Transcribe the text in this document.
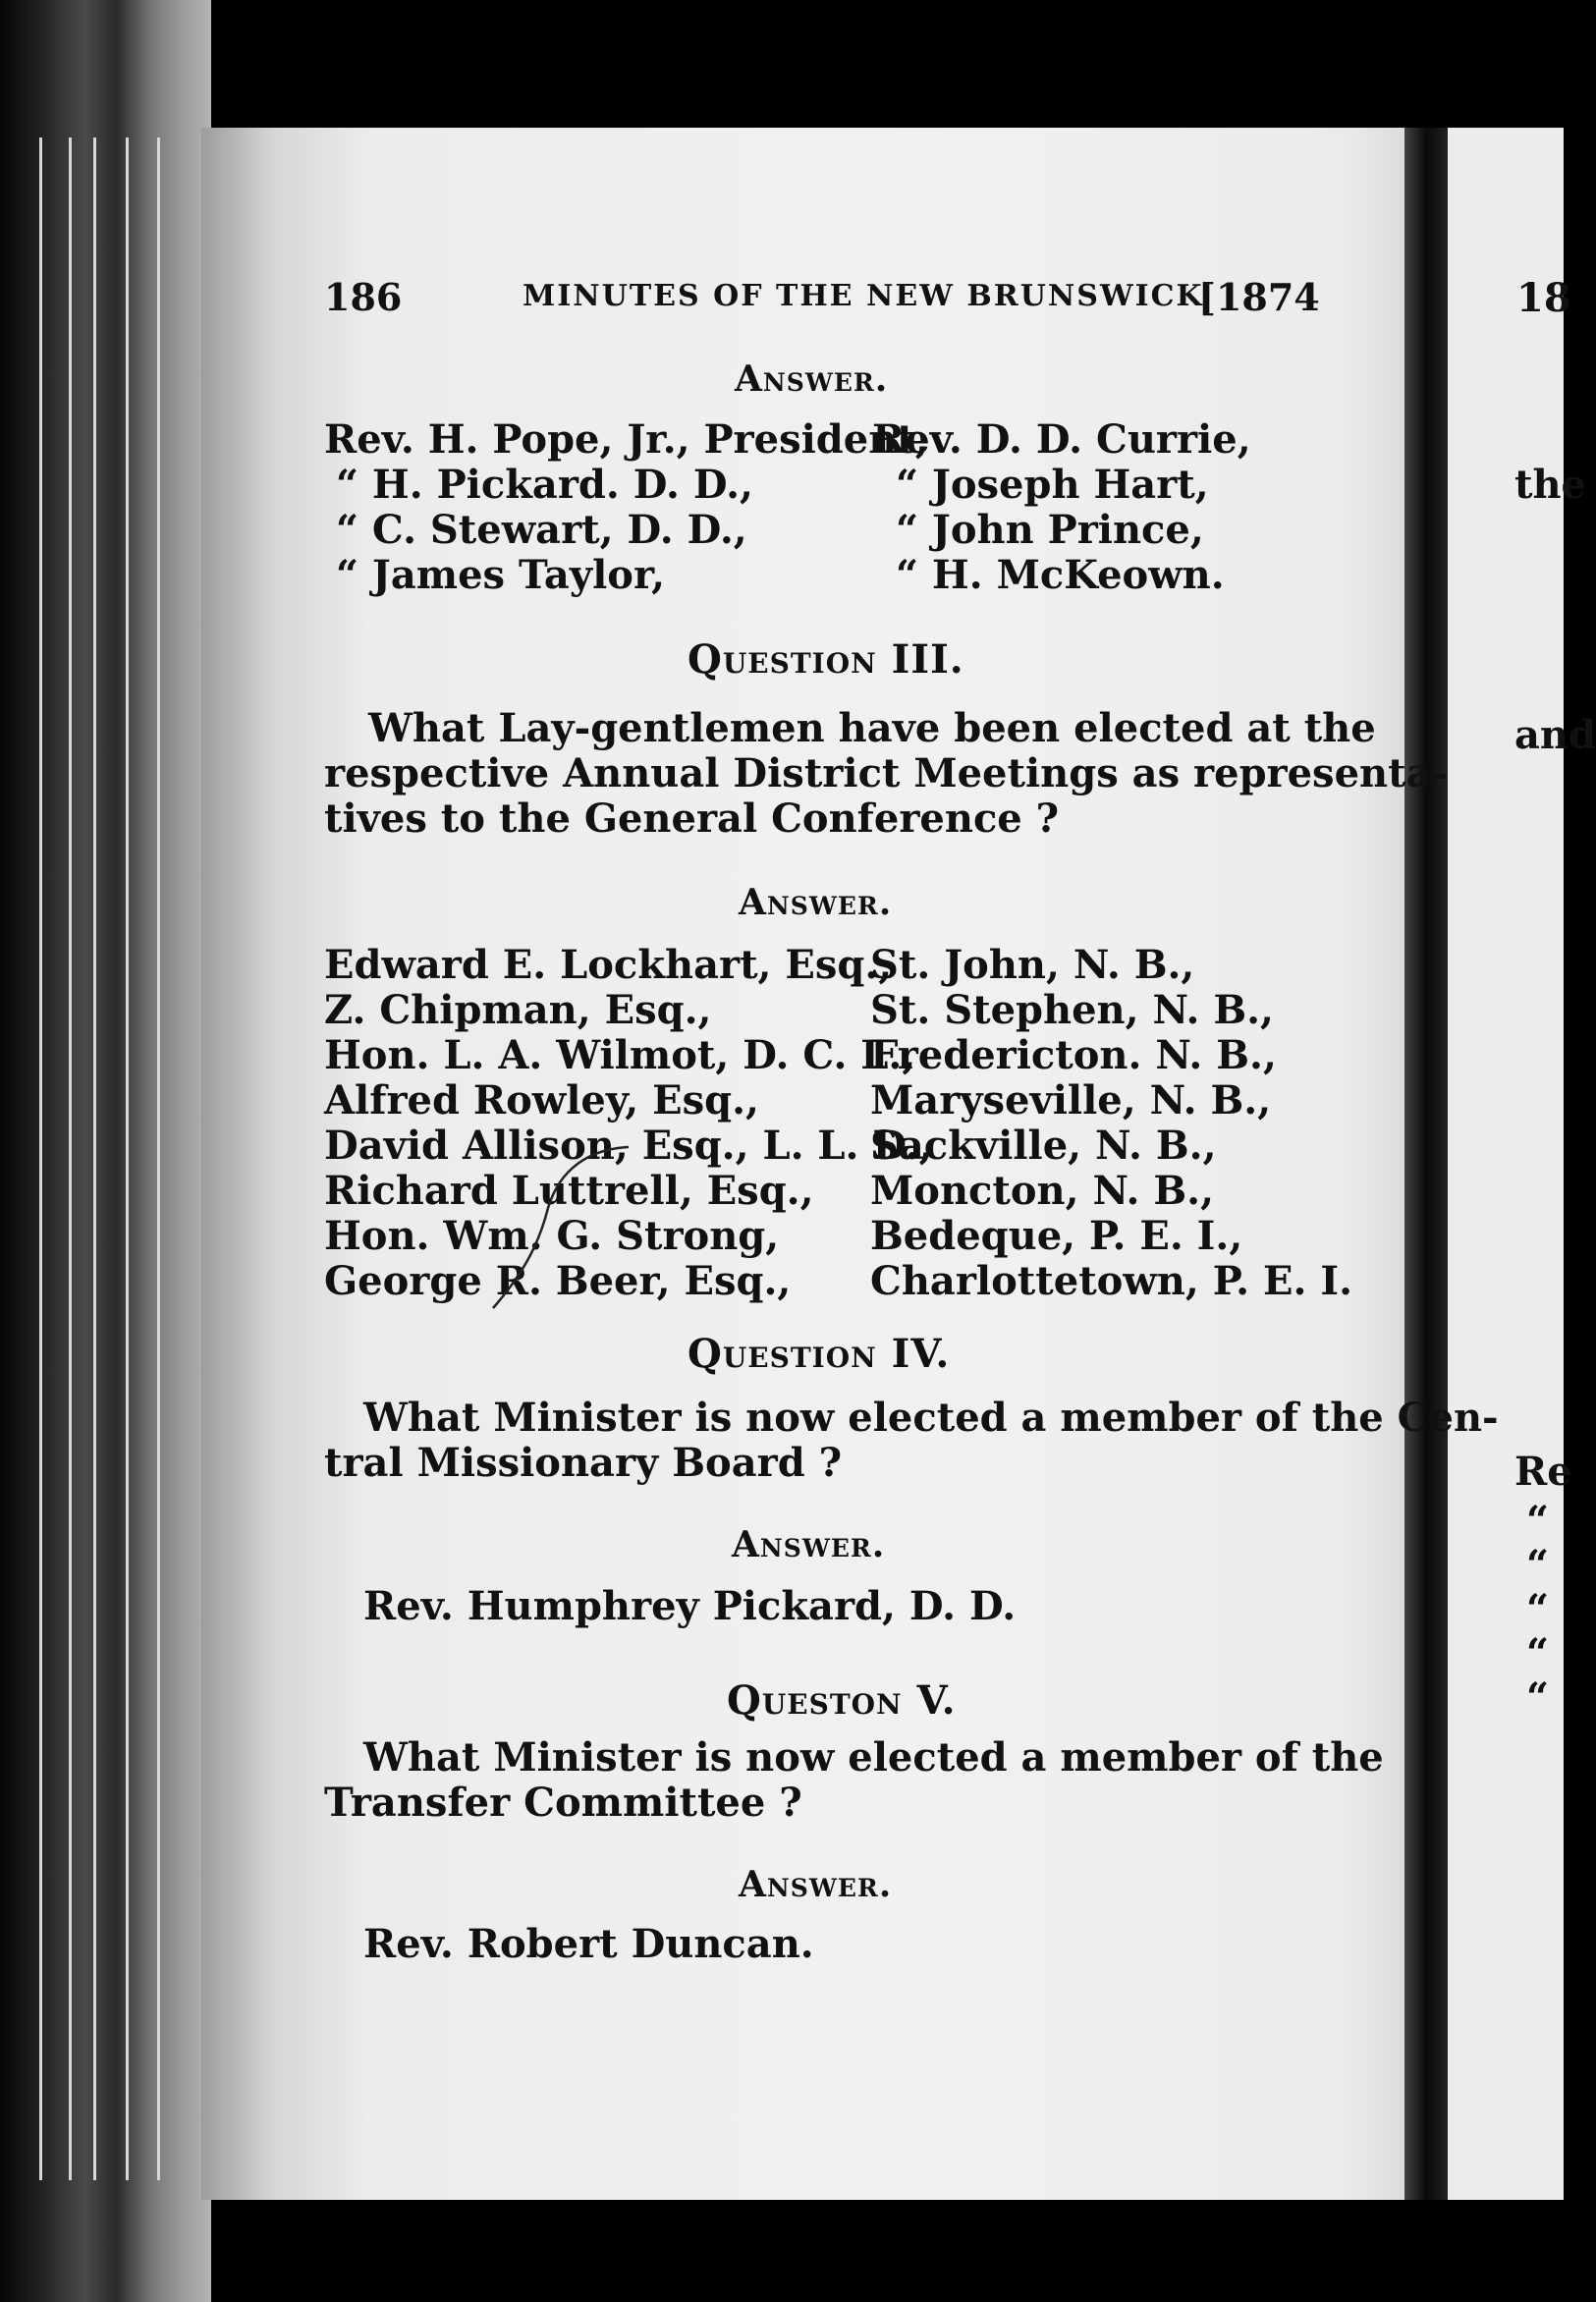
18
the
and
Re
“
“
“
“
“
186	MINUTES OF THE NEW BRUNSWICK
[1874
Answer.
Rev. H. Pope, Jr., President,
“ H. Pickard. D. D.,
“ C. Stewart, D. D.,
“ James Taylor,
Rev. D. D. Currie,
“ Joseph Hart,
“ John Prince,
“ H. McKeown.
Question III.
What Lay-gentlemen have been elected at the
respective Annual District Meetings as representa-
tives to the General Conference ?
Answer.
Edward E. Lockhart, Esq.,
Z. Chipman, Esq.,
Hon. L. A. Wilmot, D. C. L.,
Alfred Rowley, Esq.,
David Allison, Esq., L. L. D.,
Richard Luttrell, Esq.,
Hon. Wm. G. Strong,
George R. Beer, Esq.,
St. John, N. B.,
St. Stephen, N. B.,
Fredericton. N. B.,
Maryseville, N. B.,
Sackville, N. B.,
Moncton, N. B.,
Bedeque, P. E. I.,
Charlottetown, P. E. I.
Question IV.
What Minister is now elected a member of the Cen-
tral Missionary Board ?
Answer.
Rev. Humphrey Pickard, D. D.
Queston V.
What Minister is now elected a member of the
Transfer Committee ?
Answer.
Rev. Robert Duncan.
